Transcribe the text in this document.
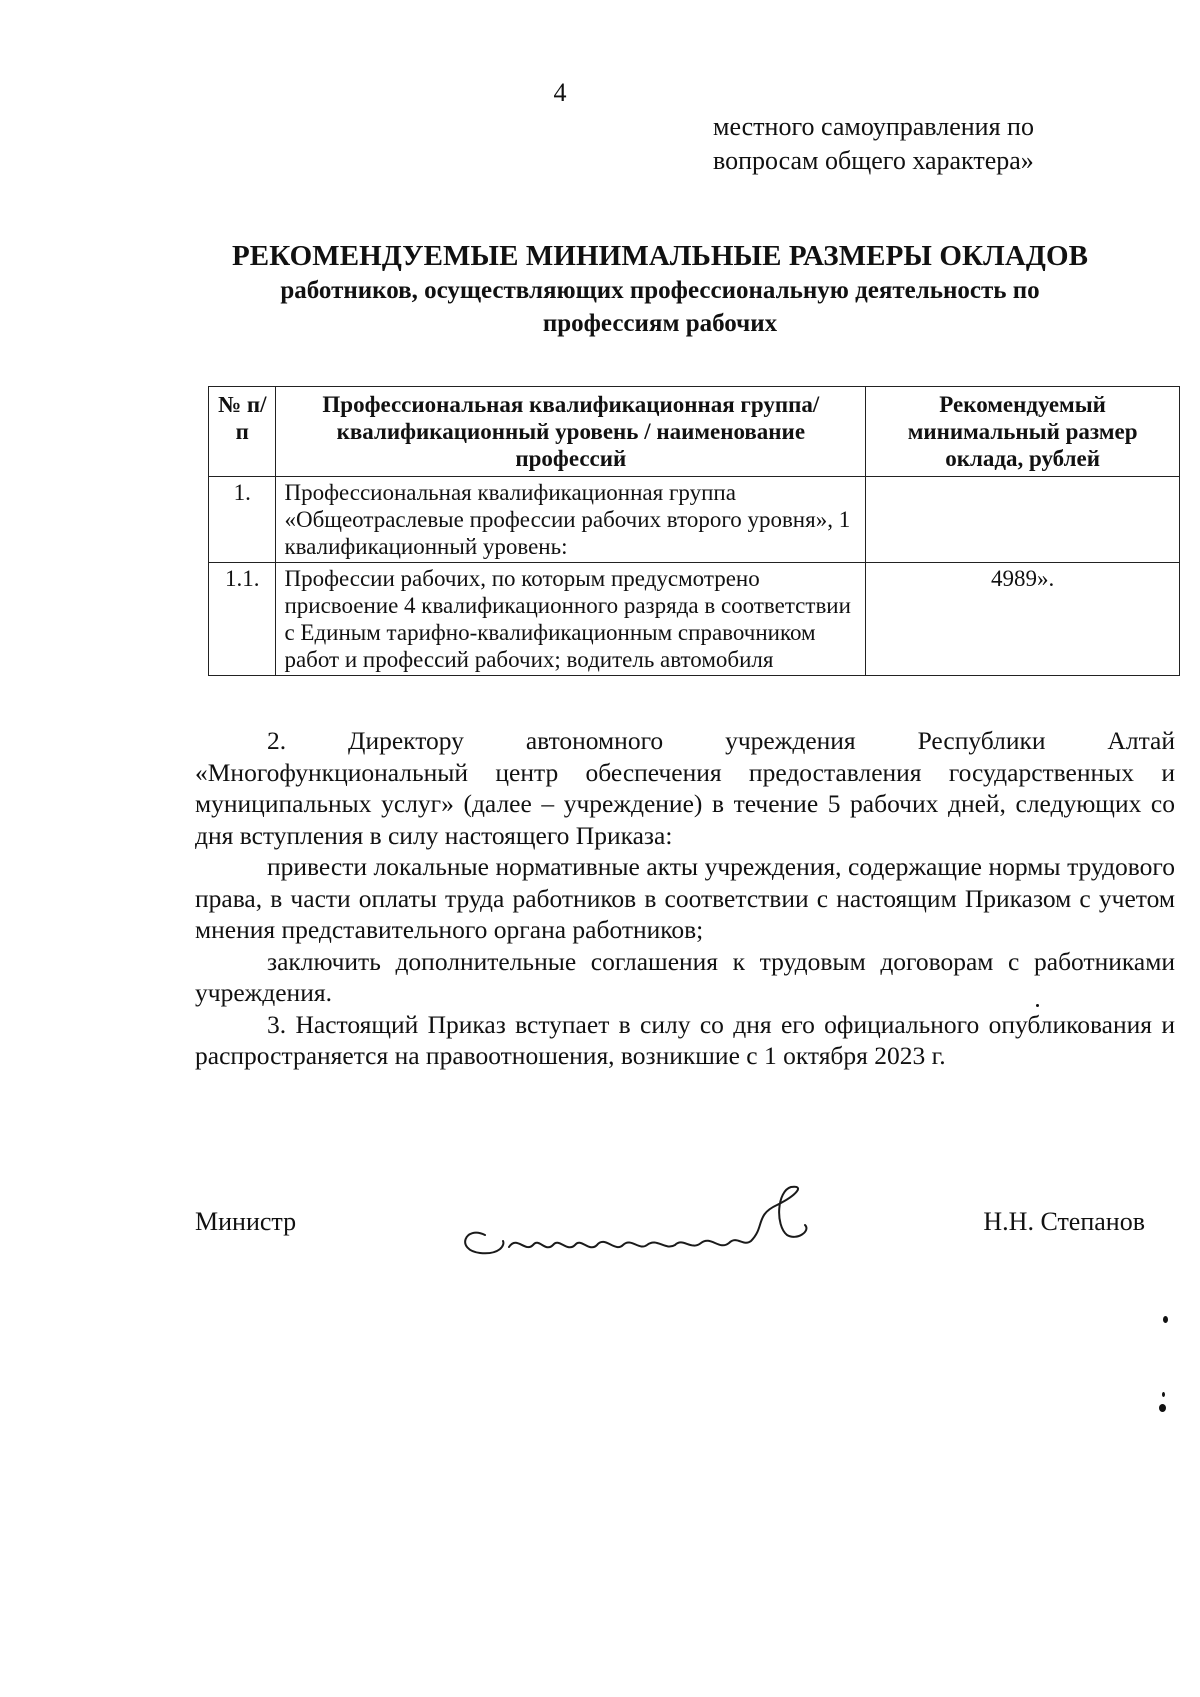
4
местного самоуправления по
вопросам общего характера»
РЕКОМЕНДУЕМЫЕ МИНИМАЛЬНЫЕ РАЗМЕРЫ ОКЛАДОВ
работников, осуществляющих профессиональную деятельность по профессиям рабочих
№ п/п	Профессиональная квалификационная группа/квалификационный уровень / наименование профессий	Рекомендуемый минимальный размер оклада, рублей
1.	Профессиональная квалификационная группа «Общеотраслевые профессии рабочих второго уровня», 1 квалификационный уровень:	
1.1.	Профессии рабочих, по которым предусмотрено присвоение 4 квалификационного разряда в соответствии с Единым тарифно-квалификационным справочником работ и профессий рабочих; водитель автомобиля	4989».

2. Директору автономного учреждения Республики Алтай «Многофункциональный центр обеспечения предоставления государственных и муниципальных услуг» (далее – учреждение) в течение 5 рабочих дней, следующих со дня вступления в силу настоящего Приказа:

привести локальные нормативные акты учреждения, содержащие нормы трудового права, в части оплаты труда работников в соответствии с настоящим Приказом с учетом мнения представительного органа работников;

заключить дополнительные соглашения к трудовым договорам с работниками учреждения.

3. Настоящий Приказ вступает в силу со дня его официального опубликования и распространяется на правоотношения, возникшие с 1 октября 2023 г.

Министр	Н.Н. Степанов
